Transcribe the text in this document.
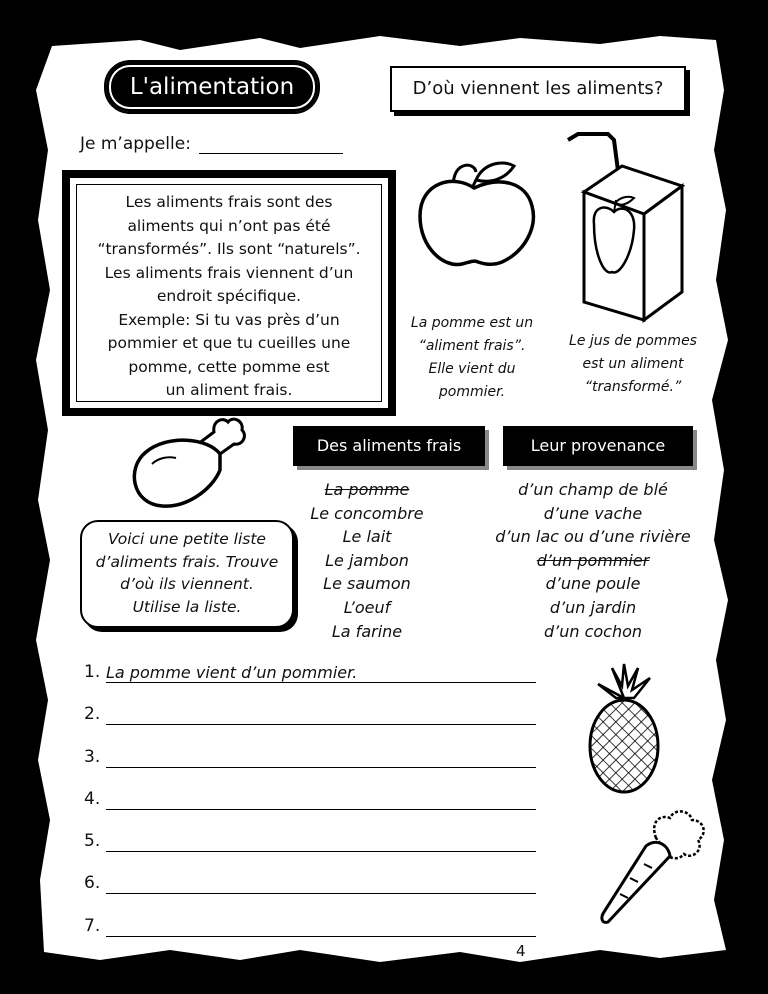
L'alimentation	D’où viennent les aliments?
Je m’appelle:
Les aliments frais sont des
aliments qui n’ont pas été
“transformés”. Ils sont “naturels”.
Les aliments frais viennent d’un
endroit spécifique.
Exemple: Si tu vas près d’un
pommier et que tu cueilles une
pomme, cette pomme est
un aliment frais.
La pomme est un
“aliment frais”.
Elle vient du
pommier.
Le jus de pommes
est un aliment
“transformé.”
Des aliments frais	Leur provenance
La pomme
Le concombre
Le lait
Le jambon
Le saumon
L’oeuf
La farine
d’un champ de blé
d’une vache
d’un lac ou d’une rivière
d’un pommier
d’une poule
d’un jardin
d’un cochon
Voici une petite liste
d’aliments frais. Trouve
d’où ils viennent.
Utilise la liste.
1. La pomme vient d’un pommier.
2.
3.
4.
5.
6.
7.
4
